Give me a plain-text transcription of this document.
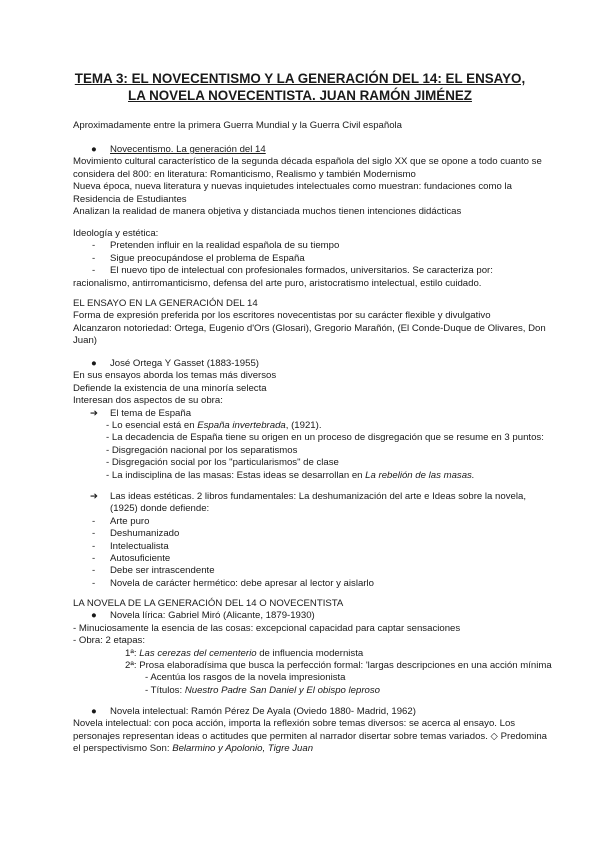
TEMA 3: EL NOVECENTISMO Y LA GENERACIÓN DEL 14: EL ENSAYO,
LA NOVELA NOVECENTISTA. JUAN RAMÓN JIMÉNEZ
Aproximadamente entre la primera Guerra Mundial y la Guerra Civil española
● Novecentismo. La generación del 14
Movimiento cultural característico de la segunda década española del siglo XX que se opone a todo cuanto se
considera del 800: en literatura: Romanticismo, Realismo y también Modernismo
Nueva época, nueva literatura y nuevas inquietudes intelectuales como muestran: fundaciones como la
Residencia de Estudiantes
Analizan la realidad de manera objetiva y distanciada muchos tienen intenciones didácticas
Ideología y estética:
- Pretenden influir en la realidad española de su tiempo
- Sigue preocupándose el problema de España
- El nuevo tipo de intelectual con profesionales formados, universitarios. Se caracteriza por:
racionalismo, antirromanticismo, defensa del arte puro, aristocratismo intelectual, estilo cuidado.
EL ENSAYO EN LA GENERACIÓN DEL 14
Forma de expresión preferida por los escritores novecentistas por su carácter flexible y divulgativo
Alcanzaron notoriedad: Ortega, Eugenio d'Ors (Glosari), Gregorio Marañón, (El Conde-Duque de Olivares, Don
Juan)
● José Ortega Y Gasset (1883-1955)
En sus ensayos aborda los temas más diversos
Defiende la existencia de una minoría selecta
Interesan dos aspectos de su obra:
➔ El tema de España
- Lo esencial está en España invertebrada, (1921).
- La decadencia de España tiene su origen en un proceso de disgregación que se resume en 3 puntos:
- Disgregación nacional por los separatismos
- Disgregación social por los "particularismos" de clase
- La indisciplina de las masas: Estas ideas se desarrollan en La rebelión de las masas.
➔ Las ideas estéticas. 2 libros fundamentales: La deshumanización del arte e Ideas sobre la novela,
(1925) donde defiende:
- Arte puro
- Deshumanizado
- Intelectualista
- Autosuficiente
- Debe ser intrascendente
- Novela de carácter hermético: debe apresar al lector y aislarlo
LA NOVELA DE LA GENERACIÓN DEL 14 O NOVECENTISTA
● Novela lírica: Gabriel Miró (Alicante, 1879-1930)
- Minuciosamente la esencia de las cosas: excepcional capacidad para captar sensaciones
- Obra: 2 etapas:
1ª: Las cerezas del cementerio de influencia modernista
2ª: Prosa elaboradísima que busca la perfección formal: 'largas descripciones en una acción mínima
- Acentúa los rasgos de la novela impresionista
- Títulos: Nuestro Padre San Daniel y El obispo leproso
● Novela intelectual: Ramón Pérez De Ayala (Oviedo 1880- Madrid, 1962)
Novela intelectual: con poca acción, importa la reflexión sobre temas diversos: se acerca al ensayo. Los
personajes representan ideas o actitudes que permiten al narrador disertar sobre temas variados. ◇ Predomina
el perspectivismo Son: Belarmino y Apolonio, Tigre Juan
